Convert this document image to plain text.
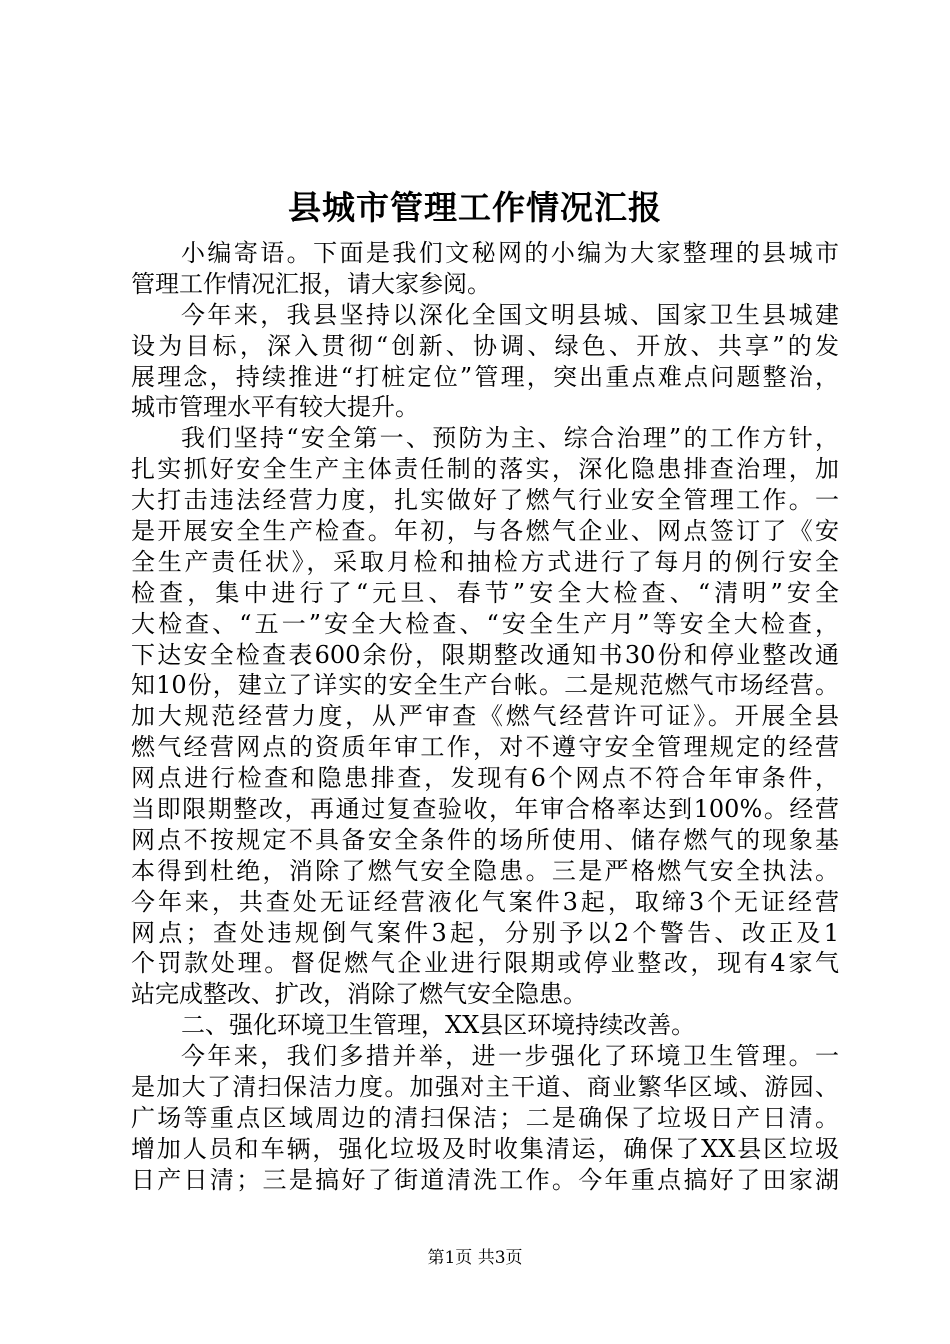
县城市管理工作情况汇报
小编寄语。下面是我们文秘网的小编为大家整理的县城市
管理工作情况汇报，请大家参阅。
今年来，我县坚持以深化全国文明县城、国家卫生县城建
设为目标，深入贯彻“创新、协调、绿色、开放、共享”的发
展理念，持续推进“打桩定位”管理，突出重点难点问题整治，
城市管理水平有较大提升。
我们坚持“安全第一、预防为主、综合治理”的工作方针，
扎实抓好安全生产主体责任制的落实，深化隐患排查治理，加
大打击违法经营力度，扎实做好了燃气行业安全管理工作。一
是开展安全生产检查。年初，与各燃气企业、网点签订了《安
全生产责任状》，采取月检和抽检方式进行了每月的例行安全
检查，集中进行了“元旦、春节”安全大检查、“清明”安全
大检查、“五一”安全大检查、“安全生产月”等安全大检查，
下达安全检查表600余份，限期整改通知书30份和停业整改通
知10份，建立了详实的安全生产台帐。二是规范燃气市场经营。
加大规范经营力度，从严审查《燃气经营许可证》。开展全县
燃气经营网点的资质年审工作，对不遵守安全管理规定的经营
网点进行检查和隐患排查，发现有6个网点不符合年审条件，
当即限期整改，再通过复查验收，年审合格率达到100%。经营
网点不按规定不具备安全条件的场所使用、储存燃气的现象基
本得到杜绝，消除了燃气安全隐患。三是严格燃气安全执法。
今年来，共查处无证经营液化气案件3起，取缔3个无证经营
网点；查处违规倒气案件3起，分别予以2个警告、改正及1
个罚款处理。督促燃气企业进行限期或停业整改，现有4家气
站完成整改、扩改，消除了燃气安全隐患。
二、强化环境卫生管理，XX县区环境持续改善。
今年来，我们多措并举，进一步强化了环境卫生管理。一
是加大了清扫保洁力度。加强对主干道、商业繁华区域、游园、
广场等重点区域周边的清扫保洁；二是确保了垃圾日产日清。
增加人员和车辆，强化垃圾及时收集清运，确保了XX县区垃圾
日产日清；三是搞好了街道清洗工作。今年重点搞好了田家湖
第1页 共3页
